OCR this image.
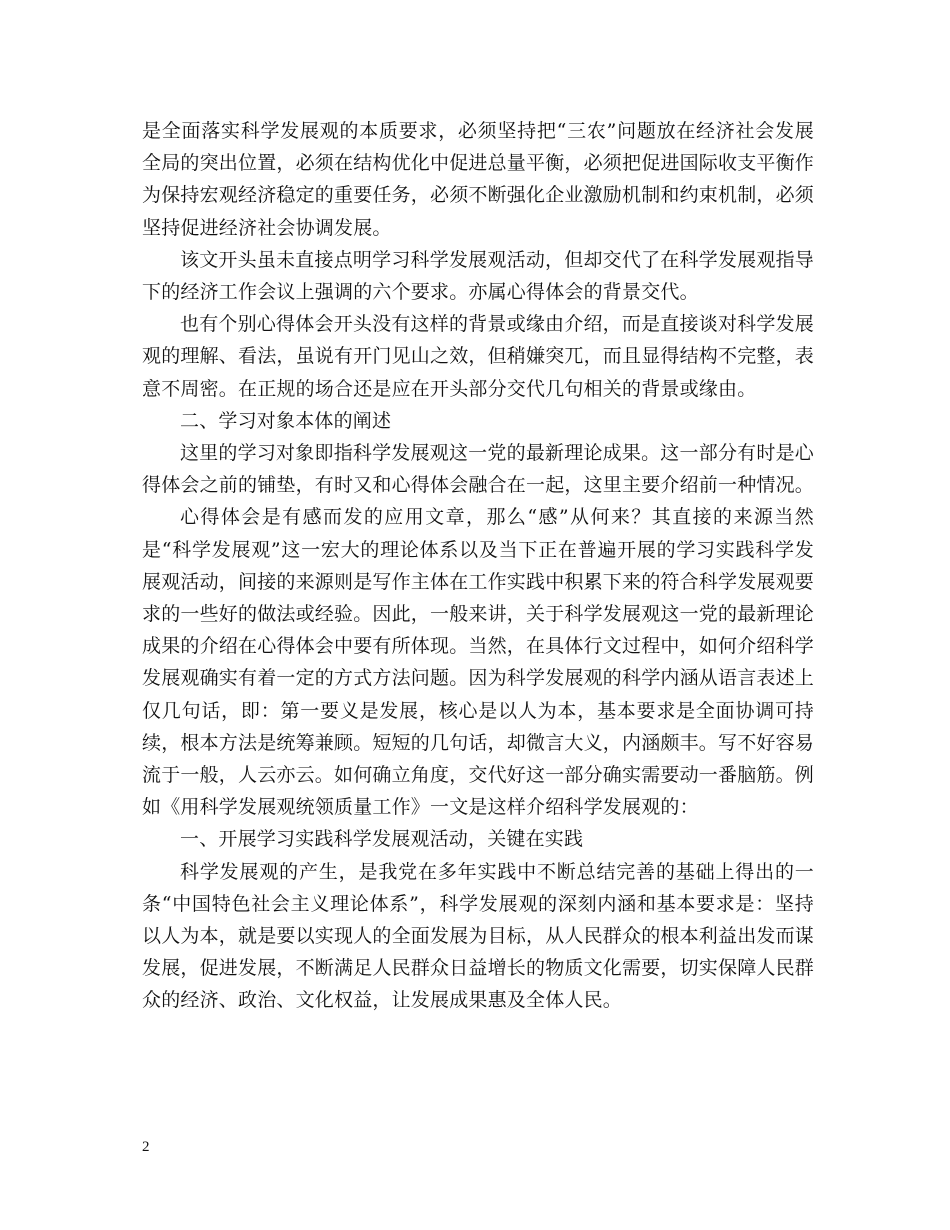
是全面落实科学发展观的本质要求，必须坚持把“三农”问题放在经济社会发展全局的突出位置，必须在结构优化中促进总量平衡，必须把促进国际收支平衡作为保持宏观经济稳定的重要任务，必须不断强化企业激励机制和约束机制，必须坚持促进经济社会协调发展。

该文开头虽未直接点明学习科学发展观活动，但却交代了在科学发展观指导下的经济工作会议上强调的六个要求。亦属心得体会的背景交代。

也有个别心得体会开头没有这样的背景或缘由介绍，而是直接谈对科学发展观的理解、看法，虽说有开门见山之效，但稍嫌突兀，而且显得结构不完整，表意不周密。在正规的场合还是应在开头部分交代几句相关的背景或缘由。

二、学习对象本体的阐述

这里的学习对象即指科学发展观这一党的最新理论成果。这一部分有时是心得体会之前的铺垫，有时又和心得体会融合在一起，这里主要介绍前一种情况。

心得体会是有感而发的应用文章，那么“感”从何来？其直接的来源当然是“科学发展观”这一宏大的理论体系以及当下正在普遍开展的学习实践科学发展观活动，间接的来源则是写作主体在工作实践中积累下来的符合科学发展观要求的一些好的做法或经验。因此，一般来讲，关于科学发展观这一党的最新理论成果的介绍在心得体会中要有所体现。当然，在具体行文过程中，如何介绍科学发展观确实有着一定的方式方法问题。因为科学发展观的科学内涵从语言表述上仅几句话，即：第一要义是发展，核心是以人为本，基本要求是全面协调可持续，根本方法是统筹兼顾。短短的几句话，却微言大义，内涵颇丰。写不好容易流于一般，人云亦云。如何确立角度，交代好这一部分确实需要动一番脑筋。例如《用科学发展观统领质量工作》一文是这样介绍科学发展观的：

一、开展学习实践科学发展观活动，关键在实践

科学发展观的产生，是我党在多年实践中不断总结完善的基础上得出的一条“中国特色社会主义理论体系”，科学发展观的深刻内涵和基本要求是：坚持以人为本，就是要以实现人的全面发展为目标，从人民群众的根本利益出发而谋发展，促进发展，不断满足人民群众日益增长的物质文化需要，切实保障人民群众的经济、政治、文化权益，让发展成果惠及全体人民。

2
